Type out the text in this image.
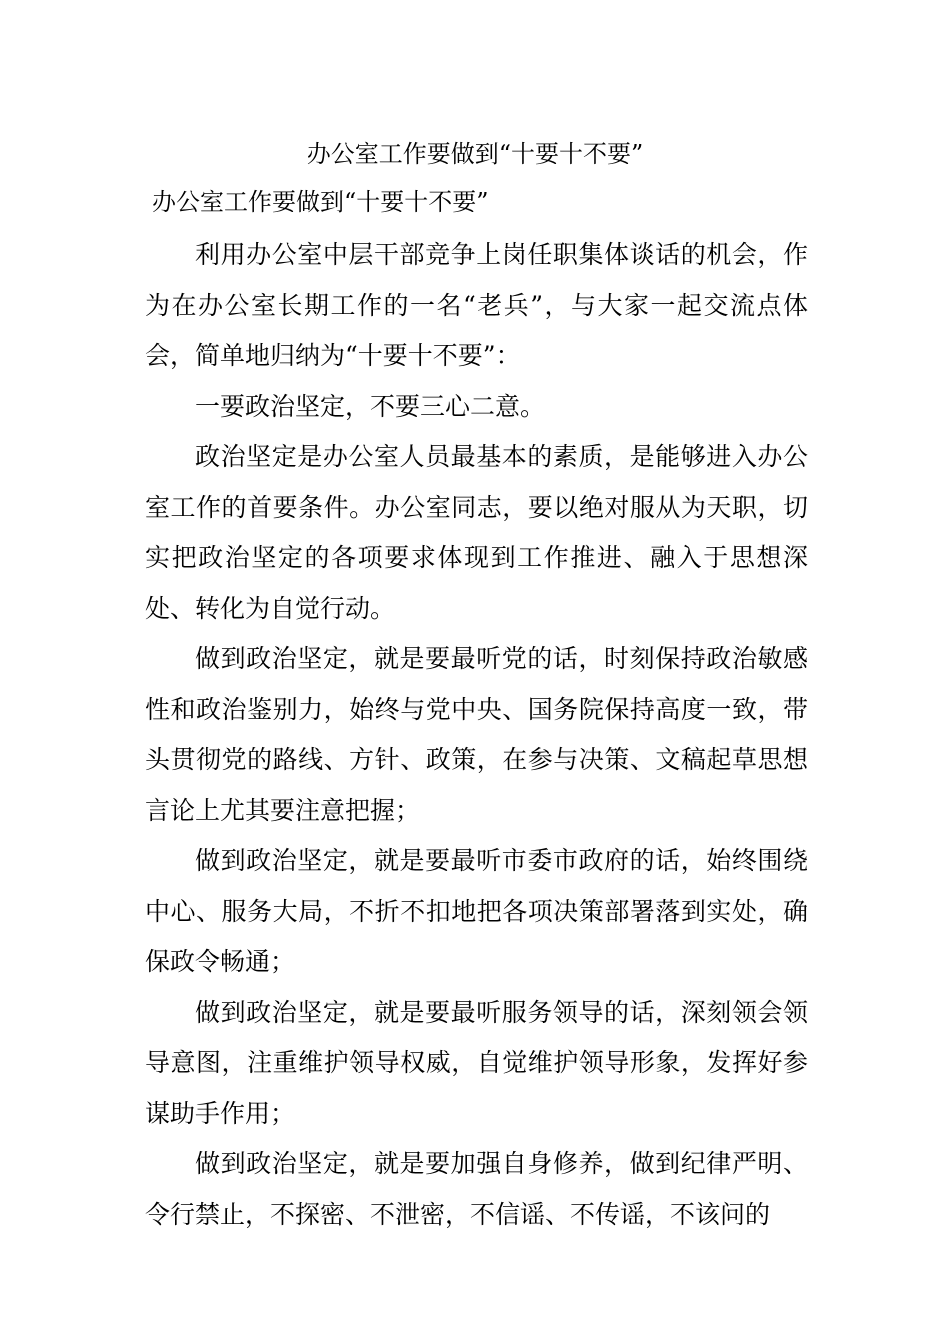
办公室工作要做到“十要十不要”
办公室工作要做到“十要十不要”

利用办公室中层干部竞争上岗任职集体谈话的机会，作为在办公室长期工作的一名“老兵”，与大家一起交流点体会，简单地归纳为“十要十不要”：

一要政治坚定，不要三心二意。

政治坚定是办公室人员最基本的素质，是能够进入办公室工作的首要条件。办公室同志，要以绝对服从为天职，切实把政治坚定的各项要求体现到工作推进、融入于思想深处、转化为自觉行动。

做到政治坚定，就是要最听党的话，时刻保持政治敏感性和政治鉴别力，始终与党中央、国务院保持高度一致，带头贯彻党的路线、方针、政策，在参与决策、文稿起草思想言论上尤其要注意把握；

做到政治坚定，就是要最听市委市政府的话，始终围绕中心、服务大局，不折不扣地把各项决策部署落到实处，确保政令畅通；

做到政治坚定，就是要最听服务领导的话，深刻领会领导意图，注重维护领导权威，自觉维护领导形象，发挥好参谋助手作用；

做到政治坚定，就是要加强自身修养，做到纪律严明、令行禁止，不探密、不泄密，不信谣、不传谣，不该问的
